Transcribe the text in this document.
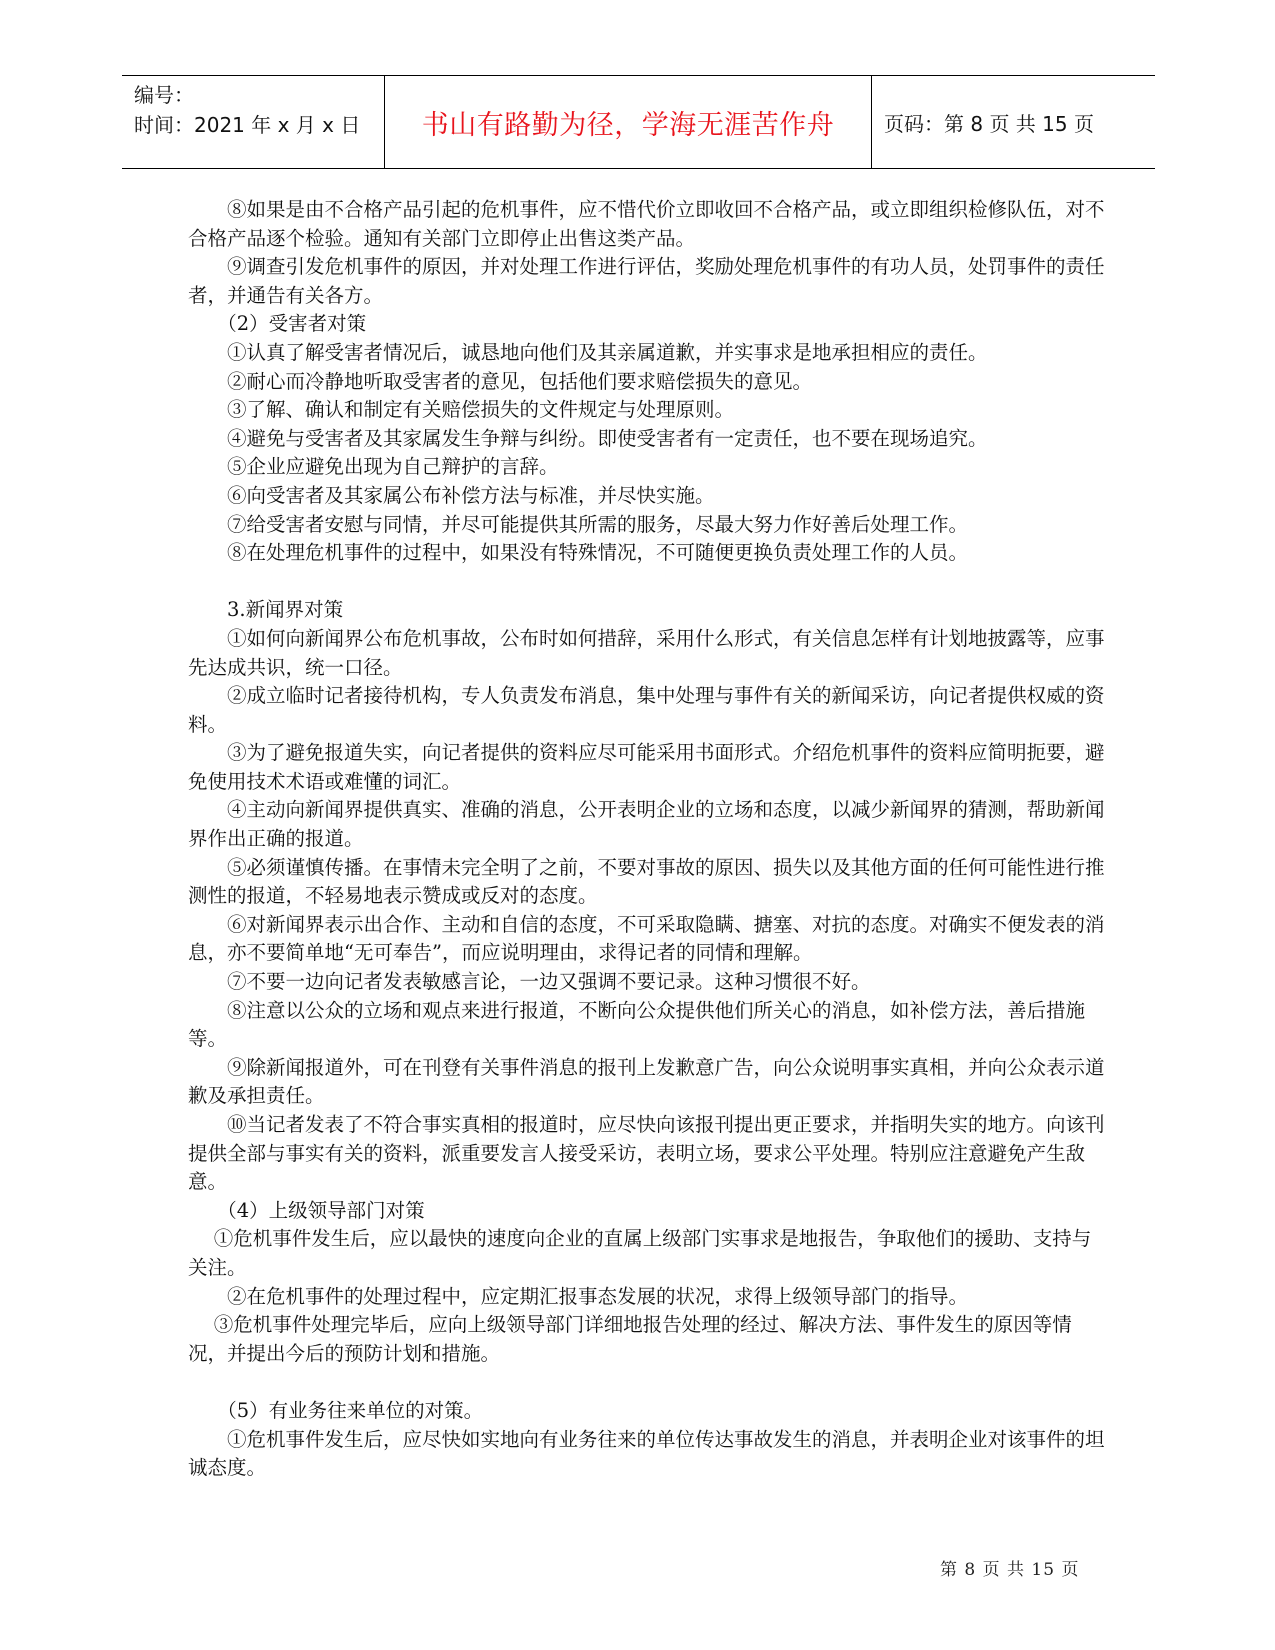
编号：
时间：2021 年 x 月 x 日	书山有路勤为径，学海无涯苦作舟 页码：第 8 页 共 15 页

　　⑧如果是由不合格产品引起的危机事件，应不惜代价立即收回不合格产品，或立即组织检修队伍，对不合格产品逐个检验。通知有关部门立即停止出售这类产品。

　　⑨调查引发危机事件的原因，并对处理工作进行评估，奖励处理危机事件的有功人员，处罚事件的责任者，并通告有关各方。

　　（2）受害者对策

　　①认真了解受害者情况后，诚恳地向他们及其亲属道歉，并实事求是地承担相应的责任。

　　②耐心而冷静地听取受害者的意见，包括他们要求赔偿损失的意见。

　　③了解、确认和制定有关赔偿损失的文件规定与处理原则。

　　④避免与受害者及其家属发生争辩与纠纷。即使受害者有一定责任，也不要在现场追究。

　　⑤企业应避免出现为自己辩护的言辞。

　　⑥向受害者及其家属公布补偿方法与标准，并尽快实施。

　　⑦给受害者安慰与同情，并尽可能提供其所需的服务，尽最大努力作好善后处理工作。

　　⑧在处理危机事件的过程中，如果没有特殊情况，不可随便更换负责处理工作的人员。

　　3.新闻界对策

　　①如何向新闻界公布危机事故，公布时如何措辞，采用什么形式，有关信息怎样有计划地披露等，应事先达成共识，统一口径。

　　②成立临时记者接待机构，专人负责发布消息，集中处理与事件有关的新闻采访，向记者提供权威的资料。

　　③为了避免报道失实，向记者提供的资料应尽可能采用书面形式。介绍危机事件的资料应简明扼要，避免使用技术术语或难懂的词汇。

　　④主动向新闻界提供真实、准确的消息，公开表明企业的立场和态度，以减少新闻界的猜测，帮助新闻界作出正确的报道。

　　⑤必须谨慎传播。在事情未完全明了之前，不要对事故的原因、损失以及其他方面的任何可能性进行推测性的报道，不轻易地表示赞成或反对的态度。

　　⑥对新闻界表示出合作、主动和自信的态度，不可采取隐瞒、搪塞、对抗的态度。对确实不便发表的消息，亦不要简单地“无可奉告”，而应说明理由，求得记者的同情和理解。

　　⑦不要一边向记者发表敏感言论，一边又强调不要记录。这种习惯很不好。

　　⑧注意以公众的立场和观点来进行报道，不断向公众提供他们所关心的消息，如补偿方法，善后措施等。

　　⑨除新闻报道外，可在刊登有关事件消息的报刊上发歉意广告，向公众说明事实真相，并向公众表示道歉及承担责任。

　　⑩当记者发表了不符合事实真相的报道时，应尽快向该报刊提出更正要求，并指明失实的地方。向该刊提供全部与事实有关的资料，派重要发言人接受采访，表明立场，要求公平处理。特别应注意避免产生敌意。

　　（4）上级领导部门对策

　 ①危机事件发生后，应以最快的速度向企业的直属上级部门实事求是地报告，争取他们的援助、支持与关注。

　　②在危机事件的处理过程中，应定期汇报事态发展的状况，求得上级领导部门的指导。

　 ③危机事件处理完毕后，应向上级领导部门详细地报告处理的经过、解决方法、事件发生的原因等情况，并提出今后的预防计划和措施。

　　（5）有业务往来单位的对策。

　　①危机事件发生后，应尽快如实地向有业务往来的单位传达事故发生的消息，并表明企业对该事件的坦诚态度。

第 8 页 共 15 页
